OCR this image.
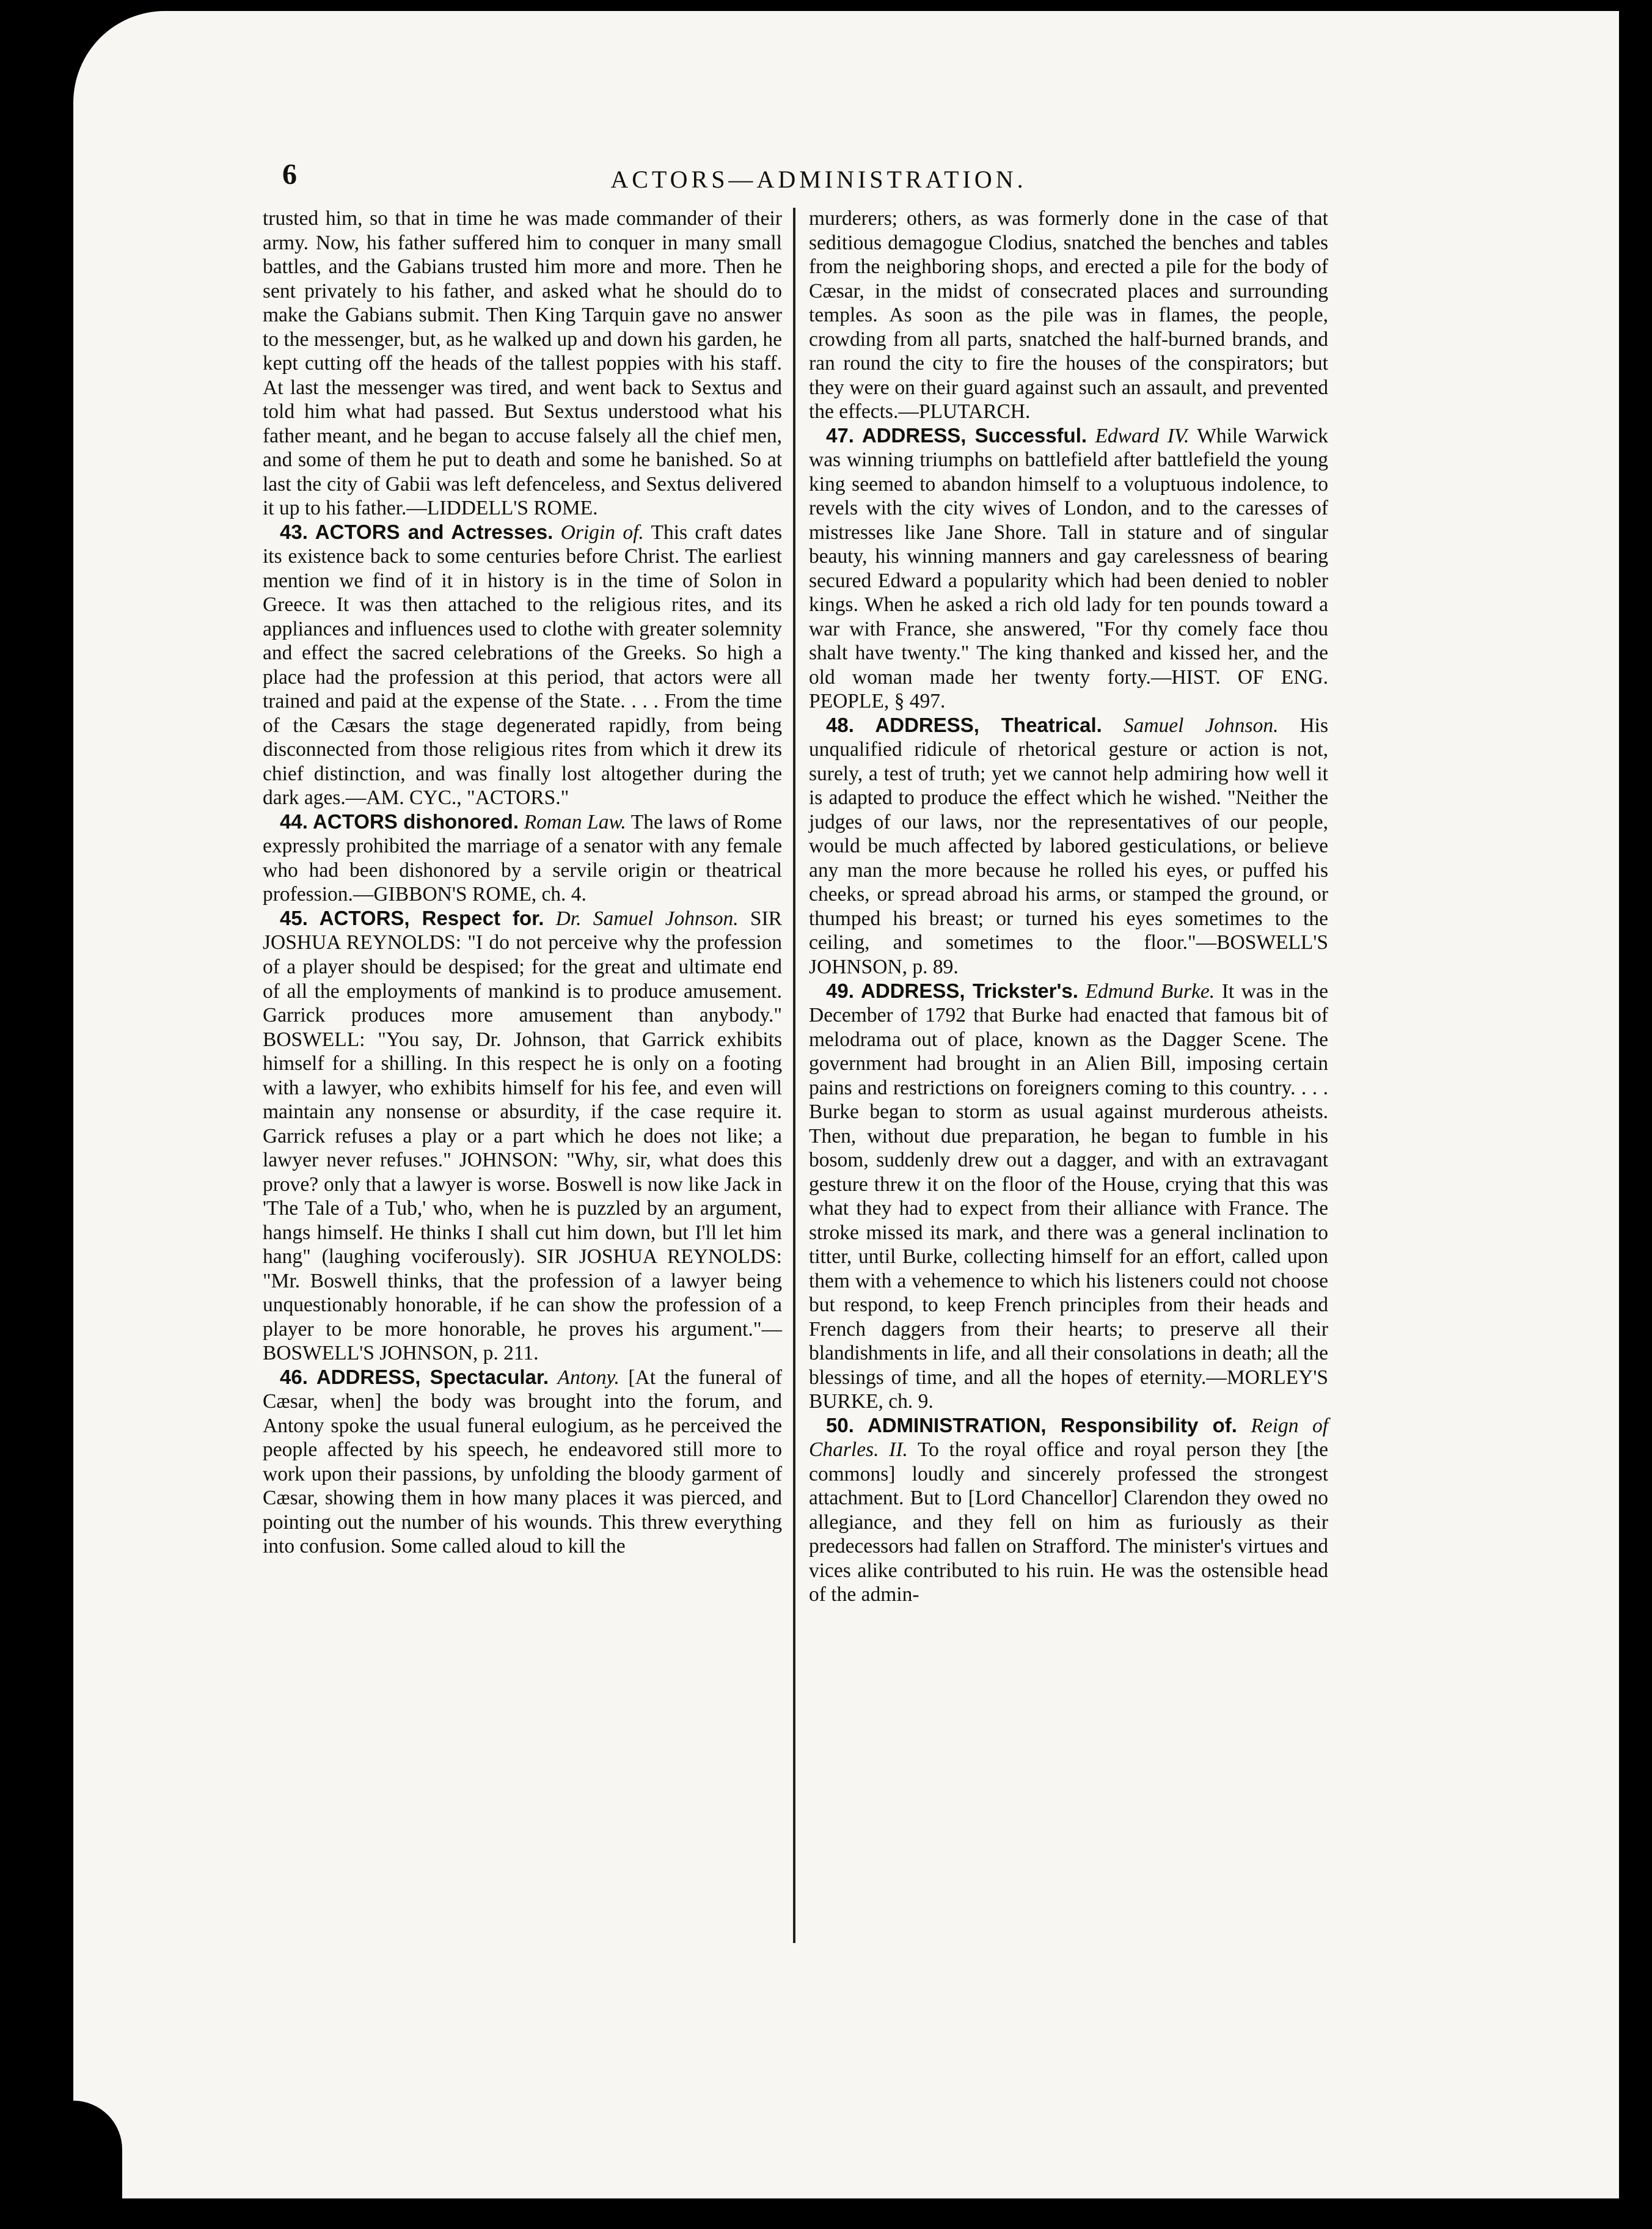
6	ACTORS—ADMINISTRATION.

trusted him, so that in time he was made commander of their army. Now, his father suffered him to conquer in many small battles, and the Gabians trusted him more and more. Then he sent privately to his father, and asked what he should do to make the Gabians submit. Then King Tarquin gave no answer to the messenger, but, as he walked up and down his garden, he kept cutting off the heads of the tallest poppies with his staff. At last the messenger was tired, and went back to Sextus and told him what had passed. But Sextus understood what his father meant, and he began to accuse falsely all the chief men, and some of them he put to death and some he banished. So at last the city of Gabii was left defenceless, and Sextus delivered it up to his father.—LIDDELL'S ROME.

43. ACTORS and Actresses. Origin of. This craft dates its existence back to some centuries before Christ. The earliest mention we find of it in history is in the time of Solon in Greece. It was then attached to the religious rites, and its appliances and influences used to clothe with greater solemnity and effect the sacred celebrations of the Greeks. So high a place had the profession at this period, that actors were all trained and paid at the expense of the State. . . . From the time of the Cæsars the stage degenerated rapidly, from being disconnected from those religious rites from which it drew its chief distinction, and was finally lost altogether during the dark ages.—AM. CYC., "ACTORS."

44. ACTORS dishonored. Roman Law. The laws of Rome expressly prohibited the marriage of a senator with any female who had been dishonored by a servile origin or theatrical profession.—GIBBON'S ROME, ch. 4.

45. ACTORS, Respect for. Dr. Samuel Johnson. SIR JOSHUA REYNOLDS: "I do not perceive why the profession of a player should be despised; for the great and ultimate end of all the employments of mankind is to produce amusement. Garrick produces more amusement than anybody." BOSWELL: "You say, Dr. Johnson, that Garrick exhibits himself for a shilling. In this respect he is only on a footing with a lawyer, who exhibits himself for his fee, and even will maintain any nonsense or absurdity, if the case require it. Garrick refuses a play or a part which he does not like; a lawyer never refuses." JOHNSON: "Why, sir, what does this prove? only that a lawyer is worse. Boswell is now like Jack in 'The Tale of a Tub,' who, when he is puzzled by an argument, hangs himself. He thinks I shall cut him down, but I'll let him hang" (laughing vociferously). SIR JOSHUA REYNOLDS: "Mr. Boswell thinks, that the profession of a lawyer being unquestionably honorable, if he can show the profession of a player to be more honorable, he proves his argument."—BOSWELL'S JOHNSON, p. 211.

46. ADDRESS, Spectacular. Antony. [At the funeral of Cæsar, when] the body was brought into the forum, and Antony spoke the usual funeral eulogium, as he perceived the people affected by his speech, he endeavored still more to work upon their passions, by unfolding the bloody garment of Cæsar, showing them in how many places it was pierced, and pointing out the number of his wounds. This threw everything into confusion. Some called aloud to kill the

murderers; others, as was formerly done in the case of that seditious demagogue Clodius, snatched the benches and tables from the neighboring shops, and erected a pile for the body of Cæsar, in the midst of consecrated places and surrounding temples. As soon as the pile was in flames, the people, crowding from all parts, snatched the half-burned brands, and ran round the city to fire the houses of the conspirators; but they were on their guard against such an assault, and prevented the effects.—PLUTARCH.

47. ADDRESS, Successful. Edward IV. While Warwick was winning triumphs on battlefield after battlefield the young king seemed to abandon himself to a voluptuous indolence, to revels with the city wives of London, and to the caresses of mistresses like Jane Shore. Tall in stature and of singular beauty, his winning manners and gay carelessness of bearing secured Edward a popularity which had been denied to nobler kings. When he asked a rich old lady for ten pounds toward a war with France, she answered, "For thy comely face thou shalt have twenty." The king thanked and kissed her, and the old woman made her twenty forty.—HIST. OF ENG. PEOPLE, § 497.

48. ADDRESS, Theatrical. Samuel Johnson. His unqualified ridicule of rhetorical gesture or action is not, surely, a test of truth; yet we cannot help admiring how well it is adapted to produce the effect which he wished. "Neither the judges of our laws, nor the representatives of our people, would be much affected by labored gesticulations, or believe any man the more because he rolled his eyes, or puffed his cheeks, or spread abroad his arms, or stamped the ground, or thumped his breast; or turned his eyes sometimes to the ceiling, and sometimes to the floor."—BOSWELL'S JOHNSON, p. 89.

49. ADDRESS, Trickster's. Edmund Burke. It was in the December of 1792 that Burke had enacted that famous bit of melodrama out of place, known as the Dagger Scene. The government had brought in an Alien Bill, imposing certain pains and restrictions on foreigners coming to this country. . . . Burke began to storm as usual against murderous atheists. Then, without due preparation, he began to fumble in his bosom, suddenly drew out a dagger, and with an extravagant gesture threw it on the floor of the House, crying that this was what they had to expect from their alliance with France. The stroke missed its mark, and there was a general inclination to titter, until Burke, collecting himself for an effort, called upon them with a vehemence to which his listeners could not choose but respond, to keep French principles from their heads and French daggers from their hearts; to preserve all their blandishments in life, and all their consolations in death; all the blessings of time, and all the hopes of eternity.—MORLEY'S BURKE, ch. 9.

50. ADMINISTRATION, Responsibility of. Reign of Charles. II. To the royal office and royal person they [the commons] loudly and sincerely professed the strongest attachment. But to [Lord Chancellor] Clarendon they owed no allegiance, and they fell on him as furiously as their predecessors had fallen on Strafford. The minister's virtues and vices alike contributed to his ruin. He was the ostensible head of the admin-
